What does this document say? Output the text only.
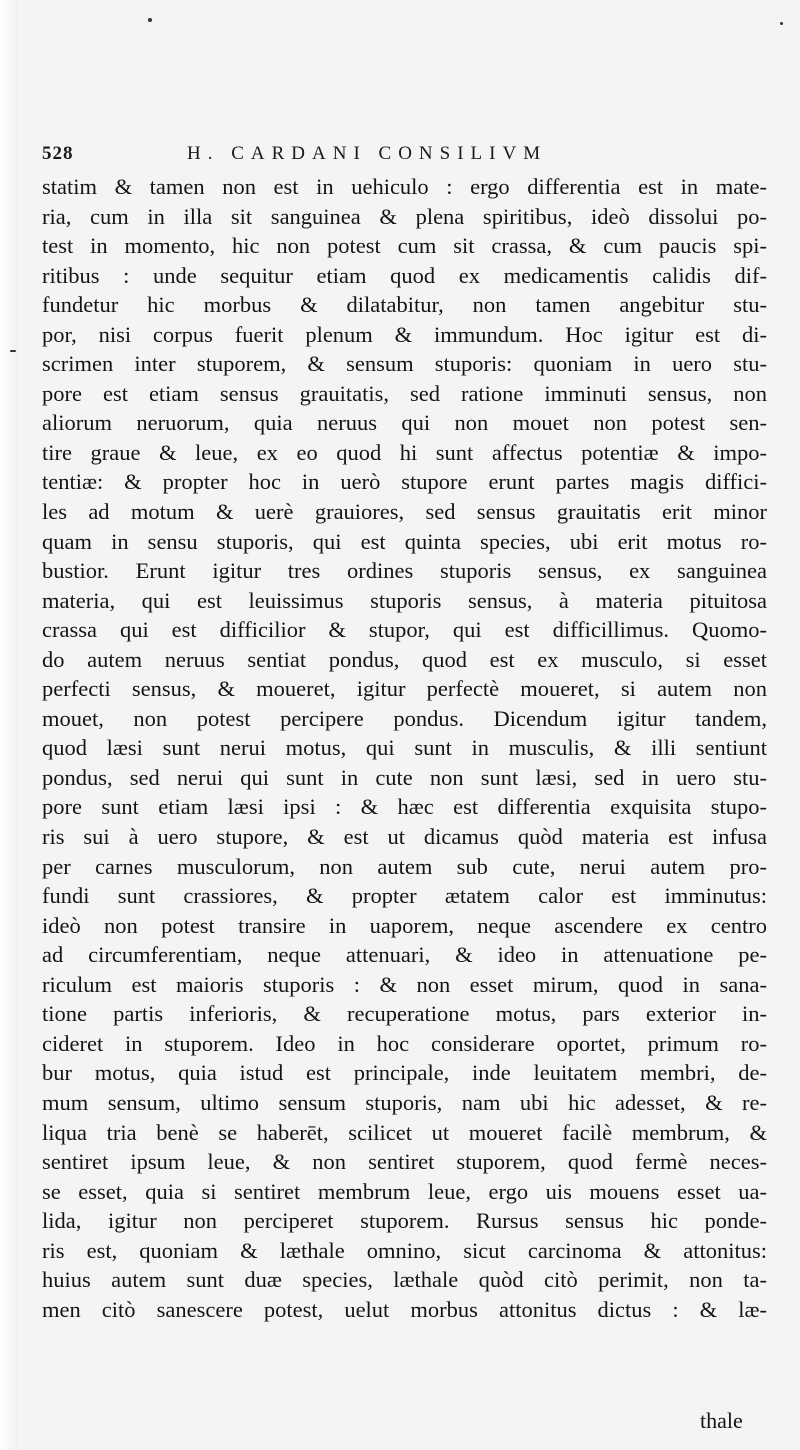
528	H. CARDANI CONSILIVM
statim & tamen non est in uehiculo : ergo differentia est in mate-
ria, cum in illa sit sanguinea & plena spiritibus, ideò dissolui po-
test in momento, hic non potest cum sit crassa, & cum paucis spi-
ritibus : unde sequitur etiam quod ex medicamentis calidis dif-
fundetur hic morbus & dilatabitur, non tamen angebitur stu-
por, nisi corpus fuerit plenum & immundum. Hoc igitur est di-
scrimen inter stuporem, & sensum stuporis: quoniam in uero stu-
pore est etiam sensus grauitatis, sed ratione imminuti sensus, non
aliorum neruorum, quia neruus qui non mouet non potest sen-
tire graue & leue, ex eo quod hi sunt affectus potentiæ & impo-
tentiæ: & propter hoc in uerò stupore erunt partes magis diffici-
les ad motum & uerè grauiores, sed sensus grauitatis erit minor
quam in sensu stuporis, qui est quinta species, ubi erit motus ro-
bustior. Erunt igitur tres ordines stuporis sensus, ex sanguinea
materia, qui est leuissimus stuporis sensus, à materia pituitosa
crassa qui est difficilior & stupor, qui est difficillimus. Quomo-
do autem neruus sentiat pondus, quod est ex musculo, si esset
perfecti sensus, & moueret, igitur perfectè moueret, si autem non
mouet, non potest percipere pondus. Dicendum igitur tandem,
quod læsi sunt nerui motus, qui sunt in musculis, & illi sentiunt
pondus, sed nerui qui sunt in cute non sunt læsi, sed in uero stu-
pore sunt etiam læsi ipsi : & hæc est differentia exquisita stupo-
ris sui à uero stupore, & est ut dicamus quòd materia est infusa
per carnes musculorum, non autem sub cute, nerui autem pro-
fundi sunt crassiores, & propter ætatem calor est imminutus:
ideò non potest transire in uaporem, neque ascendere ex centro
ad circumferentiam, neque attenuari, & ideo in attenuatione pe-
riculum est maioris stuporis : & non esset mirum, quod in sana-
tione partis inferioris, & recuperatione motus, pars exterior in-
cideret in stuporem. Ideo in hoc considerare oportet, primum ro-
bur motus, quia istud est principale, inde leuitatem membri, de-
mum sensum, ultimo sensum stuporis, nam ubi hic adesset, & re-
liqua tria benè se haberēt, scilicet ut moueret facilè membrum, &
sentiret ipsum leue, & non sentiret stuporem, quod fermè neces-
se esset, quia si sentiret membrum leue, ergo uis mouens esset ua-
lida, igitur non perciperet stuporem. Rursus sensus hic ponde-
ris est, quoniam & læthale omnino, sicut carcinoma & attonitus:
huius autem sunt duæ species, læthale quòd citò perimit, non ta-
men citò sanescere potest, uelut morbus attonitus dictus : & læ-
thale
